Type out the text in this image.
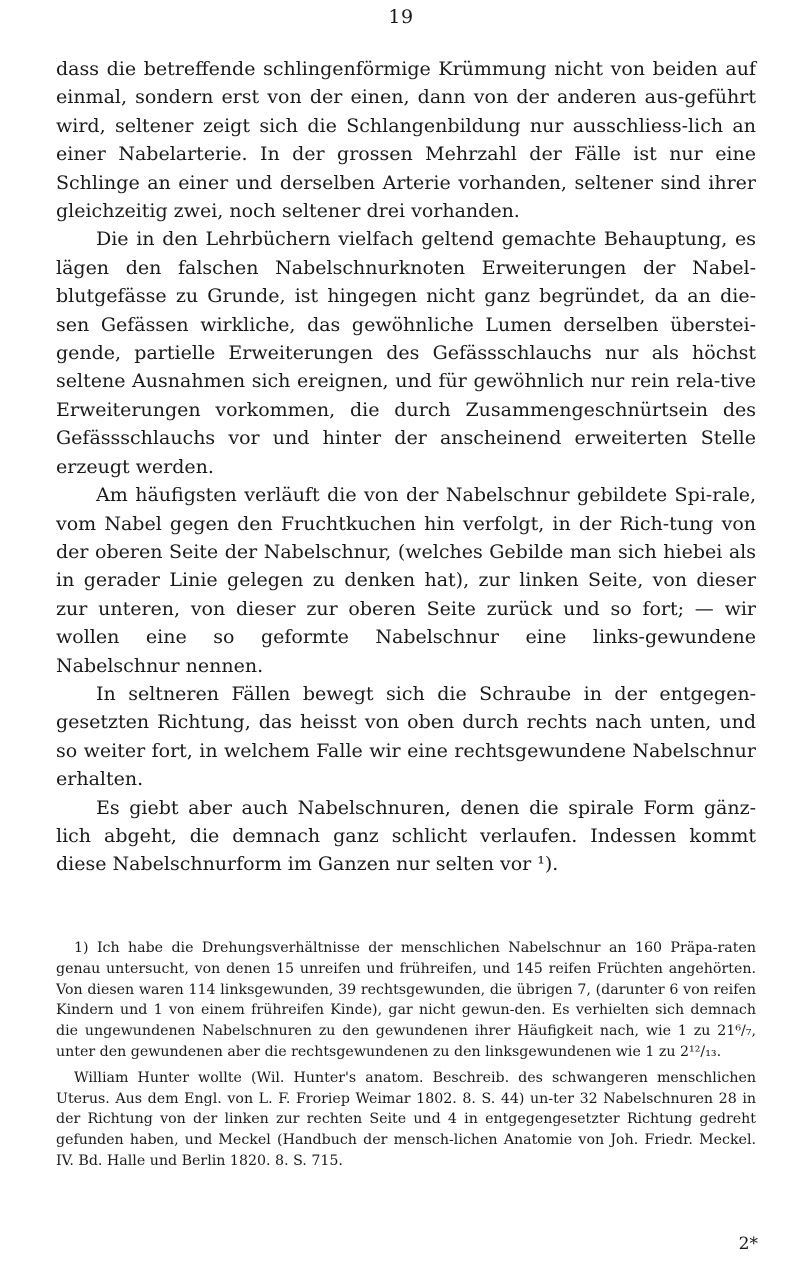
19

dass die betreffende schlingenförmige Krümmung nicht von beiden auf einmal, sondern erst von der einen, dann von der anderen aus-geführt wird, seltener zeigt sich die Schlangenbildung nur ausschliess-lich an einer Nabelarterie. In der grossen Mehrzahl der Fälle ist nur eine Schlinge an einer und derselben Arterie vorhanden, seltener sind ihrer gleichzeitig zwei, noch seltener drei vorhanden.

Die in den Lehrbüchern vielfach geltend gemachte Behauptung, es lägen den falschen Nabelschnurknoten Erweiterungen der Nabel-blutgefässe zu Grunde, ist hingegen nicht ganz begründet, da an die-sen Gefässen wirkliche, das gewöhnliche Lumen derselben überstei-gende, partielle Erweiterungen des Gefässschlauchs nur als höchst seltene Ausnahmen sich ereignen, und für gewöhnlich nur rein rela-tive Erweiterungen vorkommen, die durch Zusammengeschnürtsein des Gefässschlauchs vor und hinter der anscheinend erweiterten Stelle erzeugt werden.

Am häufigsten verläuft die von der Nabelschnur gebildete Spi-rale, vom Nabel gegen den Fruchtkuchen hin verfolgt, in der Rich-tung von der oberen Seite der Nabelschnur, (welches Gebilde man sich hiebei als in gerader Linie gelegen zu denken hat), zur linken Seite, von dieser zur unteren, von dieser zur oberen Seite zurück und so fort; — wir wollen eine so geformte Nabelschnur eine links-gewundene Nabelschnur nennen.

In seltneren Fällen bewegt sich die Schraube in der entgegen-gesetzten Richtung, das heisst von oben durch rechts nach unten, und so weiter fort, in welchem Falle wir eine rechtsgewundene Nabelschnur erhalten.

Es giebt aber auch Nabelschnuren, denen die spirale Form gänz-lich abgeht, die demnach ganz schlicht verlaufen. Indessen kommt diese Nabelschnurform im Ganzen nur selten vor ¹).

1) Ich habe die Drehungsverhältnisse der menschlichen Nabelschnur an 160 Präpa-raten genau untersucht, von denen 15 unreifen und frühreifen, und 145 reifen Früchten angehörten. Von diesen waren 114 linksgewunden, 39 rechtsgewunden, die übrigen 7, (darunter 6 von reifen Kindern und 1 von einem frühreifen Kinde), gar nicht gewun-den. Es verhielten sich demnach die ungewundenen Nabelschnuren zu den gewundenen ihrer Häufigkeit nach, wie 1 zu 21⁶/₇, unter den gewundenen aber die rechtsgewundenen zu den linksgewundenen wie 1 zu 2¹²/₁₃.

William Hunter wollte (Wil. Hunter's anatom. Beschreib. des schwangeren menschlichen Uterus. Aus dem Engl. von L. F. Froriep Weimar 1802. 8. S. 44) un-ter 32 Nabelschnuren 28 in der Richtung von der linken zur rechten Seite und 4 in entgegengesetzter Richtung gedreht gefunden haben, und Meckel (Handbuch der mensch-lichen Anatomie von Joh. Friedr. Meckel. IV. Bd. Halle und Berlin 1820. 8. S. 715.

2*
